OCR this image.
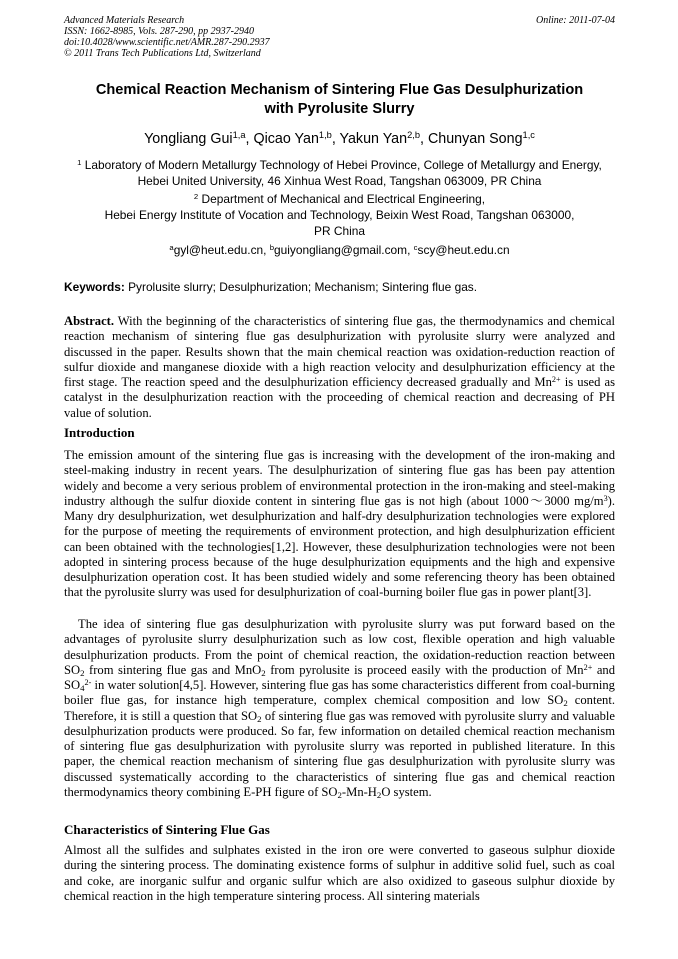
Advanced Materials Research
ISSN: 1662-8985, Vols. 287-290, pp 2937-2940
doi:10.4028/www.scientific.net/AMR.287-290.2937
© 2011 Trans Tech Publications Ltd, Switzerland
Online: 2011-07-04
Chemical Reaction Mechanism of Sintering Flue Gas Desulphurization
with Pyrolusite Slurry
Yongliang Gui$^{1,a}$, Qicao Yan$^{1,b}$, Yakun Yan$^{2,b}$, Chunyan Song$^{1,c}$
$^1$ Laboratory of Modern Metallurgy Technology of Hebei Province, College of Metallurgy and Energy,
Hebei United University, 46 Xinhua West Road, Tangshan 063009, PR China
$^2$ Department of Mechanical and Electrical Engineering,
Hebei Energy Institute of Vocation and Technology, Beixin West Road, Tangshan 063000,
PR China
$^a$gyl@heut.edu.cn, $^b$guiyongliang@gmail.com, $^c$scy@heut.edu.cn
Keywords: Pyrolusite slurry; Desulphurization; Mechanism; Sintering flue gas.
Abstract. With the beginning of the characteristics of sintering flue gas, the thermodynamics and chemical reaction mechanism of sintering flue gas desulphurization with pyrolusite slurry were analyzed and discussed in the paper. Results shown that the main chemical reaction was oxidation-reduction reaction of sulfur dioxide and manganese dioxide with a high reaction velocity and desulphurization efficiency at the first stage. The reaction speed and the desulphurization efficiency decreased gradually and $Mn^{2+}$ is used as catalyst in the desulphurization reaction with the proceeding of chemical reaction and decreasing of PH value of solution.
Introduction
The emission amount of the sintering flue gas is increasing with the development of the iron-making and steel-making industry in recent years. The desulphurization of sintering flue gas has been pay attention widely and become a very serious problem of environmental protection in the iron-making and steel-making industry although the sulfur dioxide content in sintering flue gas is not high (about 1000～3000 $mg/m^3$). Many dry desulphurization, wet desulphurization and half-dry desulphurization technologies were explored for the purpose of meeting the requirements of environment protection, and high desulphurization efficient can been obtained with the technologies[1,2]. However, these desulphurization technologies were not been adopted in sintering process because of the huge desulphurization equipments and the high and expensive desulphurization operation cost. It has been studied widely and some referencing theory has been obtained that the pyrolusite slurry was used for desulphurization of coal-burning boiler flue gas in power plant[3].
The idea of sintering flue gas desulphurization with pyrolusite slurry was put forward based on the advantages of pyrolusite slurry desulphurization such as low cost, flexible operation and high valuable desulphurization products. From the point of chemical reaction, the oxidation-reduction reaction between $SO_2$ from sintering flue gas and MnO$_2$ from pyrolusite is proceed easily with the production of $Mn^{2+}$ and $SO_4^{2-}$ in water solution[4,5]. However, sintering flue gas has some characteristics different from coal-burning boiler flue gas, for instance high temperature, complex chemical composition and low $SO_2$ content. Therefore, it is still a question that $SO_2$ of sintering flue gas was removed with pyrolusite slurry and valuable desulphurization products were produced. So far, few information on detailed chemical reaction mechanism of sintering flue gas desulphurization with pyrolusite slurry was reported in published literature. In this paper, the chemical reaction mechanism of sintering flue gas desulphurization with pyrolusite slurry was discussed systematically according to the characteristics of sintering flue gas and chemical reaction thermodynamics theory combining E-PH figure of $SO_2-Mn-H_2O$ system.
Characteristics of Sintering Flue Gas
Almost all the sulfides and sulphates existed in the iron ore were converted to gaseous sulphur dioxide during the sintering process. The dominating existence forms of sulphur in additive solid fuel, such as coal and coke, are inorganic sulfur and organic sulfur which are also oxidized to gaseous sulphur dioxide by chemical reaction in the high temperature sintering process. All sintering materials
